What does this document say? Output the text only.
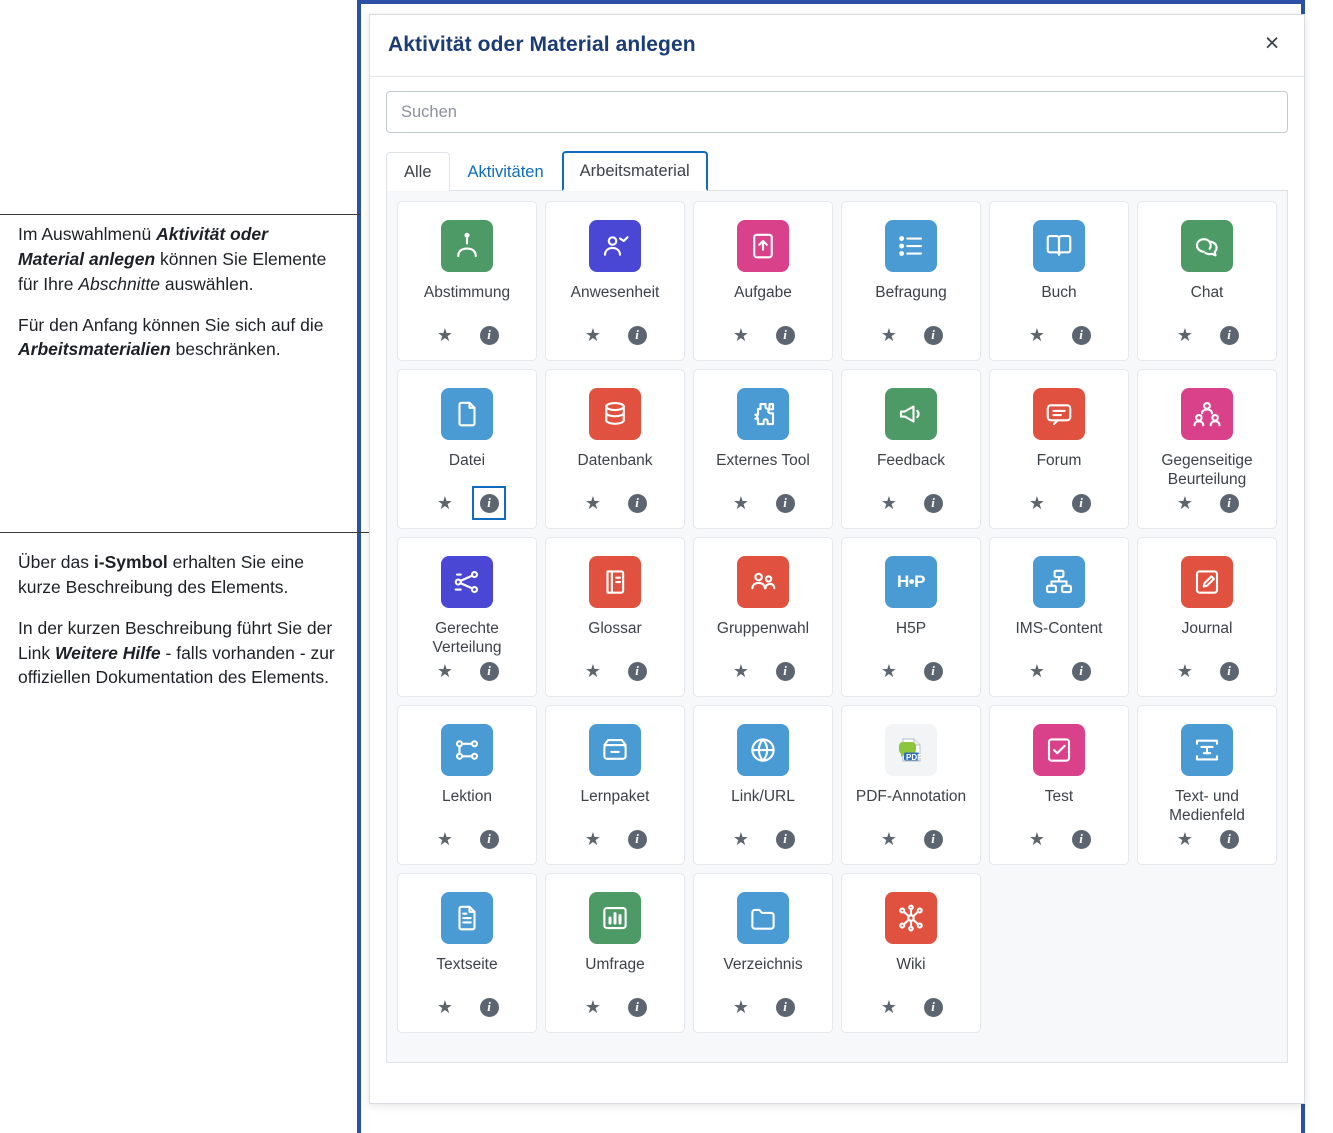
Im Auswahlmenü Aktivität oder Material anlegen können Sie Elemente für Ihre Abschnitte auswählen.

Für den Anfang können Sie sich auf die Arbeitsmaterialien beschränken.

Über das i-Symbol erhalten Sie eine kurze Beschreibung des Elements.

In der kurzen Beschreibung führt Sie der Link Weitere Hilfe - falls vorhanden - zur offiziellen Dokumentation des Elements.

Aktivität oder Material anlegen	×
Suchen
Alle	Aktivitäten	Arbeitsmaterial
Abstimmung
★	i
Anwesenheit
★	i
Aufgabe
★	i
Befragung
★	i
Buch
★	i
Chat
★	i
Datei
★	i
Datenbank
★	i
Externes Tool
★	i
Feedback
★	i
Forum
★	i
Gegenseitige Beurteilung
★	i
Gerechte Verteilung
★	i
Glossar
★	i
Gruppenwahl
★	i
H•P
H5P
★	i
IMS-Content
★	i
Journal
★	i
Lektion
★	i
Lernpaket
★	i
Link/URL
★	i
PDF
PDF-Annotation
★	i
Test
★	i
Text- und Medienfeld
★	i
Textseite
★	i
Umfrage
★	i
Verzeichnis
★	i
Wiki
★	i
